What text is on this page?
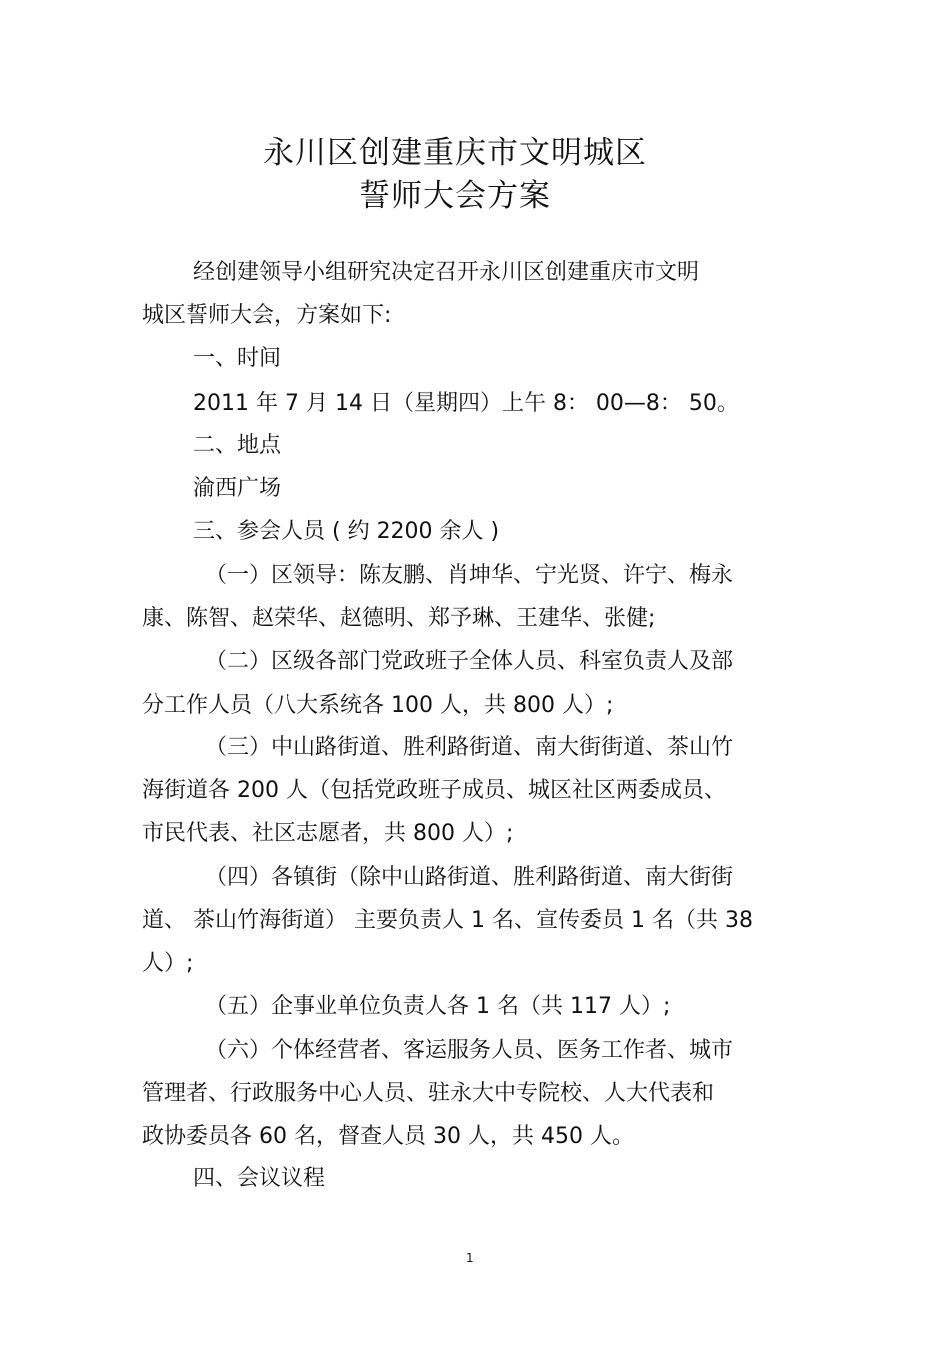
永川区创建重庆市文明城区
誓师大会方案
经创建领导小组研究决定召开永川区创建重庆市文明
城区誓师大会，方案如下:
一、时间
2011 年 7 月 14 日（星期四）上午 8： 00—8： 50。
二、地点
渝西广场
三、参会人员 ( 约 2200 余人 )
（一）区领导：陈友鹏、肖坤华、宁光贤、许宁、梅永
康、陈智、赵荣华、赵德明、郑予琳、王建华、张健;
（二）区级各部门党政班子全体人员、科室负责人及部
分工作人员（八大系统各 100 人，共 800 人）;
（三）中山路街道、胜利路街道、南大街街道、茶山竹
海街道各 200 人（包括党政班子成员、城区社区两委成员、
市民代表、社区志愿者，共 800 人）;
（四）各镇街（除中山路街道、胜利路街道、南大街街
道、 茶山竹海街道） 主要负责人 1 名、宣传委员 1 名（共 38
人）;
（五）企事业单位负责人各 1 名（共 117 人）;
（六）个体经营者、客运服务人员、医务工作者、城市
管理者、行政服务中心人员、驻永大中专院校、人大代表和
政协委员各 60 名，督查人员 30 人，共 450 人。
四、会议议程
1
